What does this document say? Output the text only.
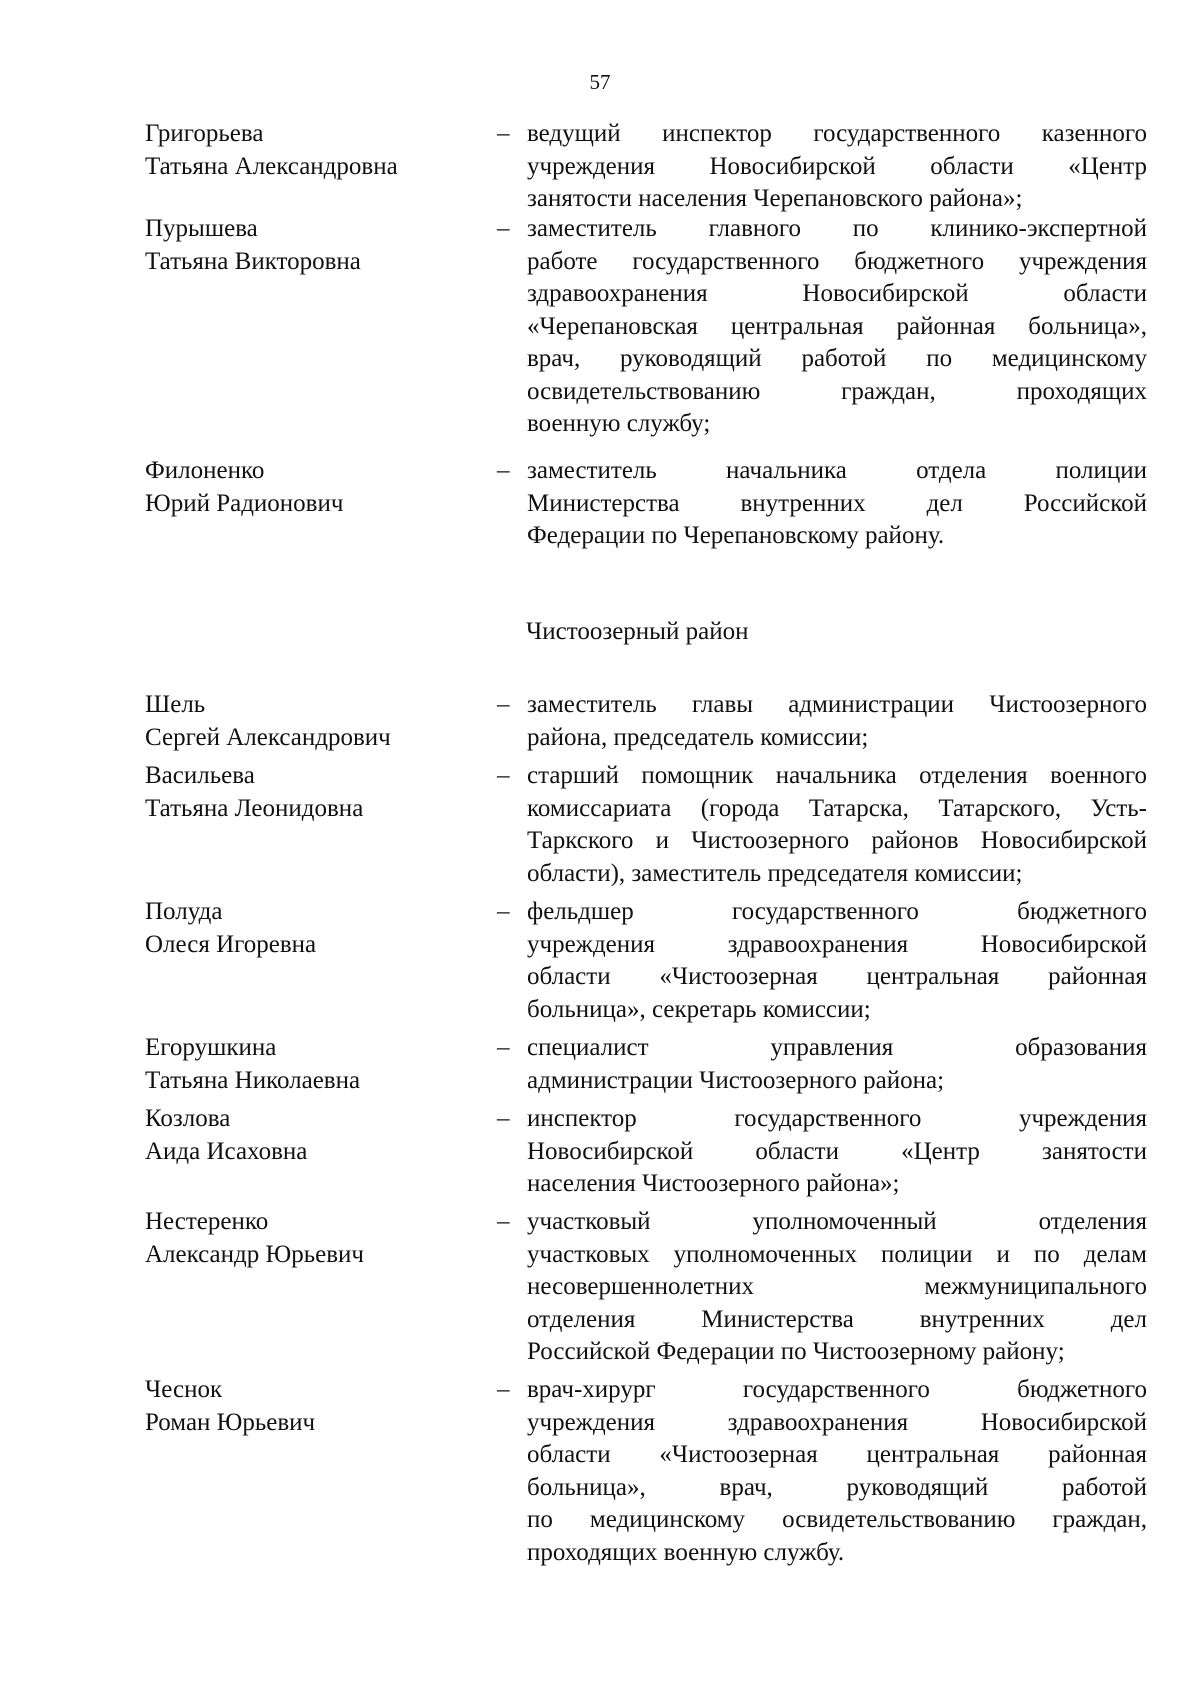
57
Григорьева
Татьяна Александровна
– ведущий инспектор государственного казенного
учреждения Новосибирской области «Центр
занятости населения Черепановского района»;
Пурышева
Татьяна Викторовна
– заместитель главного по клинико-экспертной
работе государственного бюджетного учреждения
здравоохранения Новосибирской области
«Черепановская центральная районная больница»,
врач, руководящий работой по медицинскому
освидетельствованию граждан, проходящих
военную службу;
Филоненко
Юрий Радионович
– заместитель начальника отдела полиции
Министерства внутренних дел Российской
Федерации по Черепановскому району.
Чистоозерный район
Шель
Сергей Александрович
– заместитель главы администрации Чистоозерного
района, председатель комиссии;
Васильева
Татьяна Леонидовна
– старший помощник начальника отделения военного
комиссариата (города Татарска, Татарского, Усть-
Таркского и Чистоозерного районов Новосибирской
области), заместитель председателя комиссии;
Полуда
Олеся Игоревна
– фельдшер государственного бюджетного
учреждения здравоохранения Новосибирской
области «Чистоозерная центральная районная
больница», секретарь комиссии;
Егорушкина
Татьяна Николаевна
– специалист управления образования
администрации Чистоозерного района;
Козлова
Аида Исаховна
– инспектор государственного учреждения
Новосибирской области «Центр занятости
населения Чистоозерного района»;
Нестеренко
Александр Юрьевич
– участковый уполномоченный отделения
участковых уполномоченных полиции и по делам
несовершеннолетних межмуниципального
отделения Министерства внутренних дел
Российской Федерации по Чистоозерному району;
Чеснок
Роман Юрьевич
– врач-хирург государственного бюджетного
учреждения здравоохранения Новосибирской
области «Чистоозерная центральная районная
больница», врач, руководящий работой
по медицинскому освидетельствованию граждан,
проходящих военную службу.
